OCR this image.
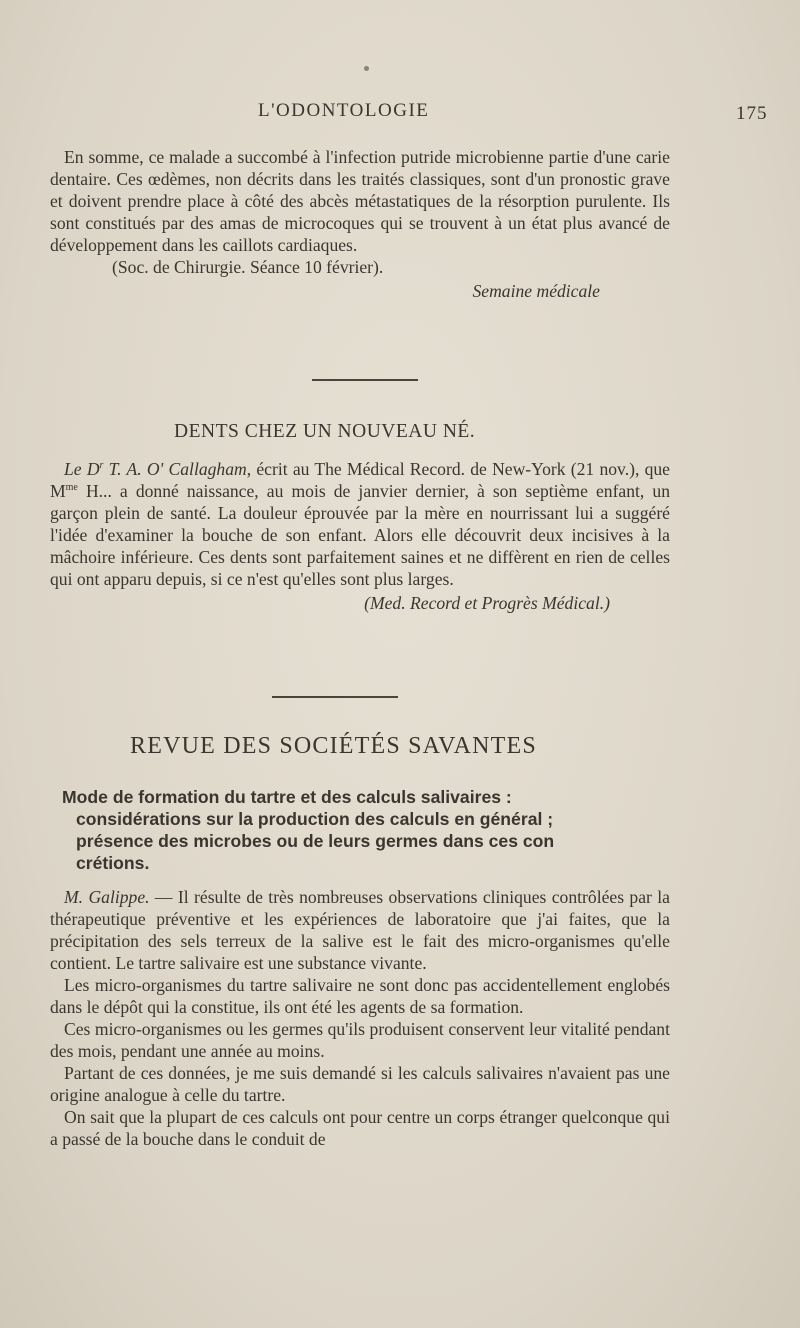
L'ODONTOLOGIE	175

En somme, ce malade a succombé à l'infection putride microbienne partie d'une carie dentaire. Ces œdèmes, non décrits dans les traités classiques, sont d'un pronostic grave et doivent prendre place à côté des abcès métastatiques de la résorption purulente. Ils sont constitués par des amas de microcoques qui se trouvent à un état plus avancé de développement dans les caillots cardiaques.

(Soc. de Chirurgie. Séance 10 février).

Semaine médicale

DENTS CHEZ UN NOUVEAU NÉ.

Le $D^r$ T. A. O' Callagham, écrit au The Médical Record. de New-York (21 nov.), que $M^{me}$ H... a donné naissance, au mois de janvier dernier, à son septième enfant, un garçon plein de santé. La douleur éprouvée par la mère en nourrissant lui a suggéré l'idée d'examiner la bouche de son enfant. Alors elle découvrit deux incisives à la mâchoire inférieure. Ces dents sont parfaitement saines et ne diffèrent en rien de celles qui ont apparu depuis, si ce n'est qu'elles sont plus larges.

(Med. Record et Progrès Médical.)

REVUE DES SOCIÉTÉS SAVANTES
Mode de formation du tartre et des calculs salivaires :
considérations sur la production des calculs en général ;
présence des microbes ou de leurs germes dans ces con
crétions.

M. Galippe. — Il résulte de très nombreuses observations cliniques contrôlées par la thérapeutique préventive et les expériences de laboratoire que j'ai faites, que la précipitation des sels terreux de la salive est le fait des micro-organismes qu'elle contient. Le tartre salivaire est une substance vivante.

Les micro-organismes du tartre salivaire ne sont donc pas accidentellement englobés dans le dépôt qui la constitue, ils ont été les agents de sa formation.

Ces micro-organismes ou les germes qu'ils produisent conservent leur vitalité pendant des mois, pendant une année au moins.

Partant de ces données, je me suis demandé si les calculs salivaires n'avaient pas une origine analogue à celle du tartre.

On sait que la plupart de ces calculs ont pour centre un corps étranger quelconque qui a passé de la bouche dans le conduit de
